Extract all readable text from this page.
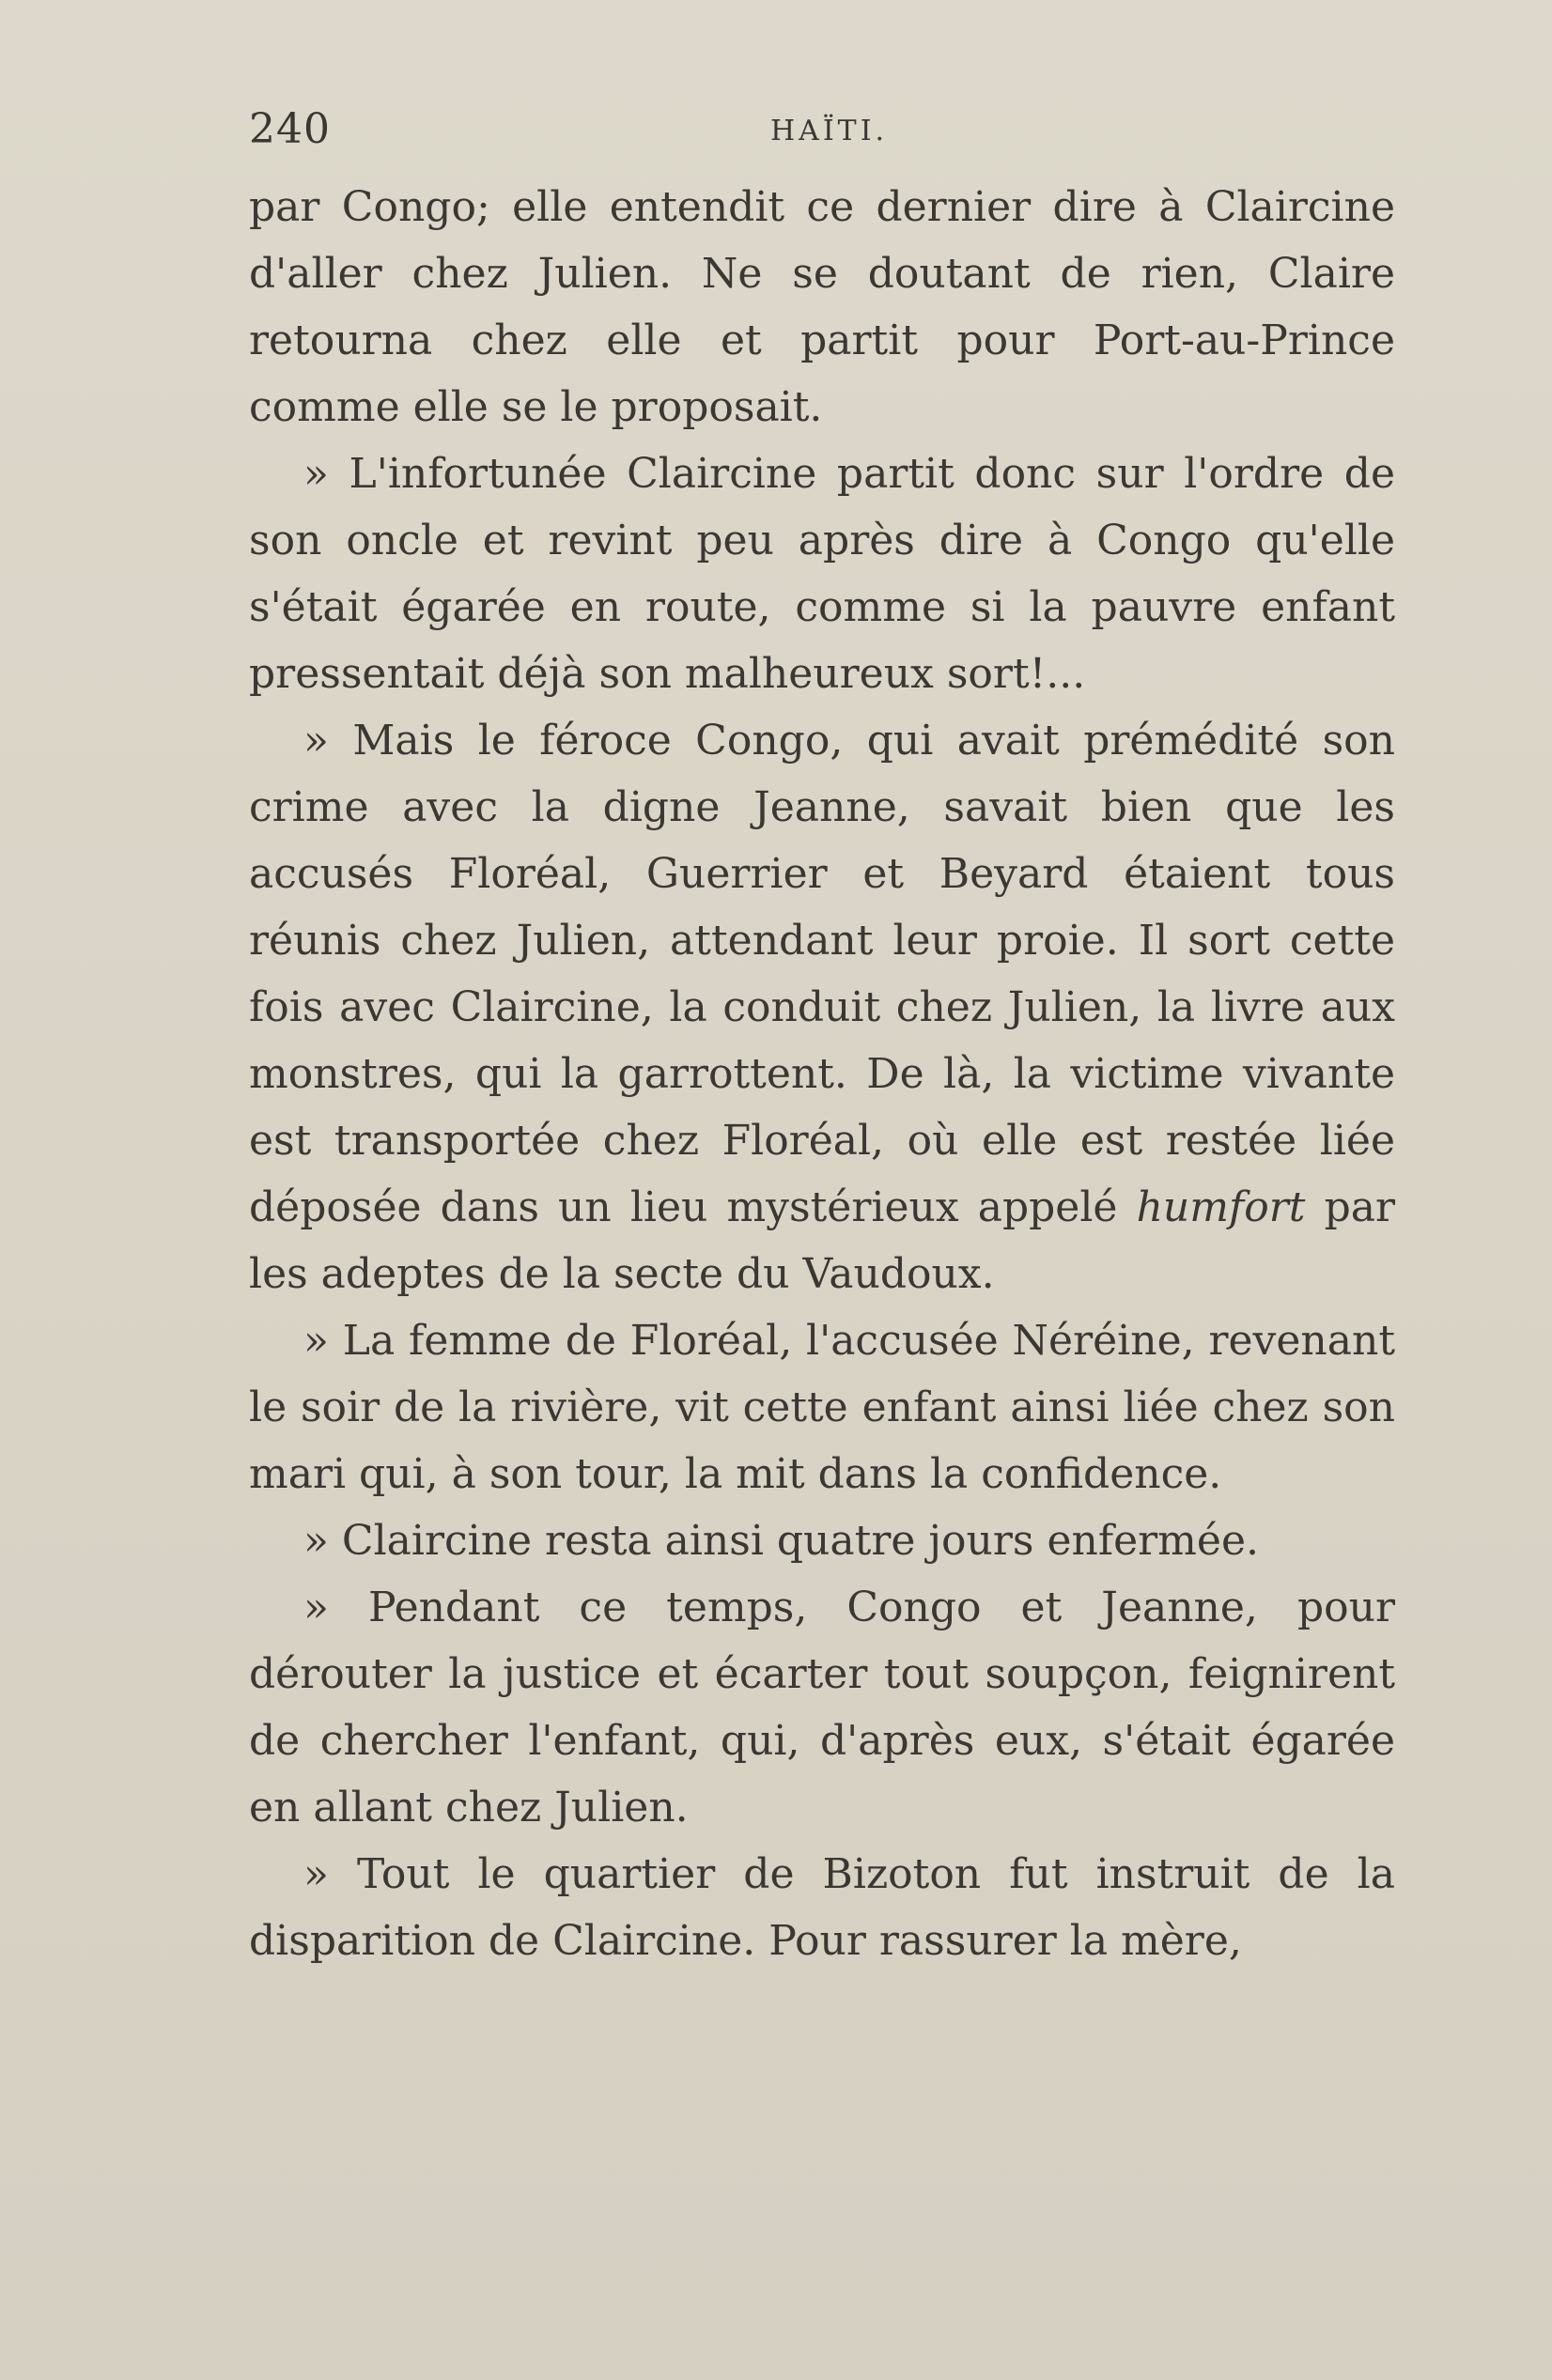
240	HAÏTI.

par Congo; elle entendit ce dernier dire à Claircine d'aller chez Julien. Ne se doutant de rien, Claire retourna chez elle et partit pour Port-au-Prince comme elle se le proposait.

» L'infortunée Claircine partit donc sur l'ordre de son oncle et revint peu après dire à Congo qu'elle s'était égarée en route, comme si la pauvre enfant pressentait déjà son malheureux sort!...

» Mais le féroce Congo, qui avait prémédité son crime avec la digne Jeanne, savait bien que les accusés Floréal, Guerrier et Beyard étaient tous réunis chez Julien, attendant leur proie. Il sort cette fois avec Claircine, la conduit chez Julien, la livre aux monstres, qui la garrottent. De là, la victime vivante est transportée chez Floréal, où elle est restée liée déposée dans un lieu mystérieux appelé humfort par les adeptes de la secte du Vaudoux.

» La femme de Floréal, l'accusée Néréine, revenant le soir de la rivière, vit cette enfant ainsi liée chez son mari qui, à son tour, la mit dans la confidence.

» Claircine resta ainsi quatre jours enfermée.

» Pendant ce temps, Congo et Jeanne, pour dérouter la justice et écarter tout soupçon, feignirent de chercher l'enfant, qui, d'après eux, s'était égarée en allant chez Julien.

» Tout le quartier de Bizoton fut instruit de la disparition de Claircine. Pour rassurer la mère,
